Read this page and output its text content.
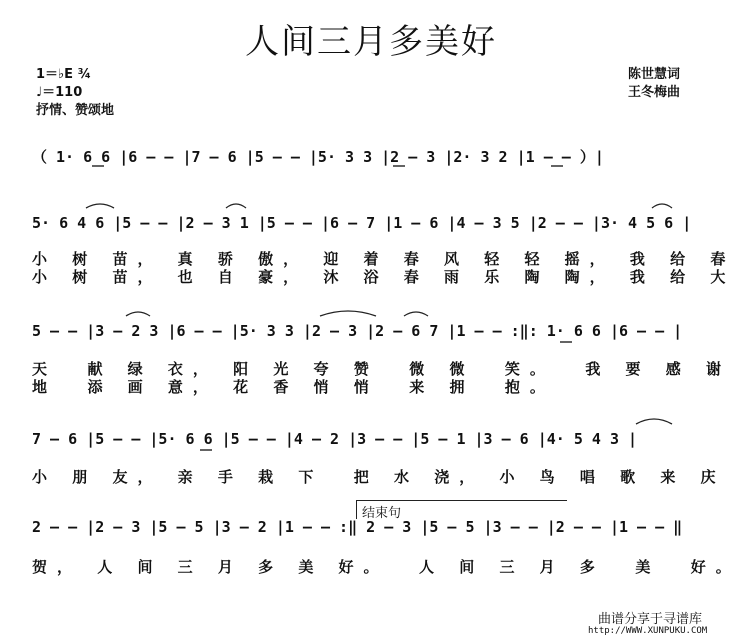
人间三月多美好
1＝♭E ¾
♩＝110
抒情、赞颂地
陈世慧词
王冬梅曲
（ 1· 6 6 |6 — — |7 — 6 |5 — — |5· 3 3 |2 — 3 |2· 3 2 |1 — — ）|
5· 6 4 6 |5 — — |2 — 3 1 |5 — — |6 — 7 |1 — 6 |4 — 3 5 |2 — — |3· 4 5 6 |
小 树 苗， 真 骄 傲， 迎 着 春 风 轻 轻 摇， 我 给 春
小 树 苗， 也 自 豪， 沐 浴 春 雨 乐 陶 陶， 我 给 大
5 — — |3 — 2 3 |6 — — |5· 3 3 |2 — 3 |2 — 6 7 |1 — — :‖: 1· 6 6 |6 — — |
天  献 绿 衣， 阳 光 夸 赞  微 微  笑。  我 要 感 谢
地  添 画 意， 花 香 悄 悄  来 拥  抱。
7 — 6 |5 — — |5· 6 6 |5 — — |4 — 2 |3 — — |5 — 1 |3 — 6 |4· 5 4 3 |
小 朋 友， 亲 手 栽 下  把 水 浇， 小 鸟 唱 歌 来 庆
结束句
2 — — |2 — 3 |5 — 5 |3 — 2 |1 — — :‖ 2 — 3 |5 — 5 |3 — — |2 — — |1 — — ‖
贺， 人 间 三 月 多 美 好。  人 间 三 月 多  美  好。
曲谱分享于寻谱库
http://WWW.XUNPUKU.COM
